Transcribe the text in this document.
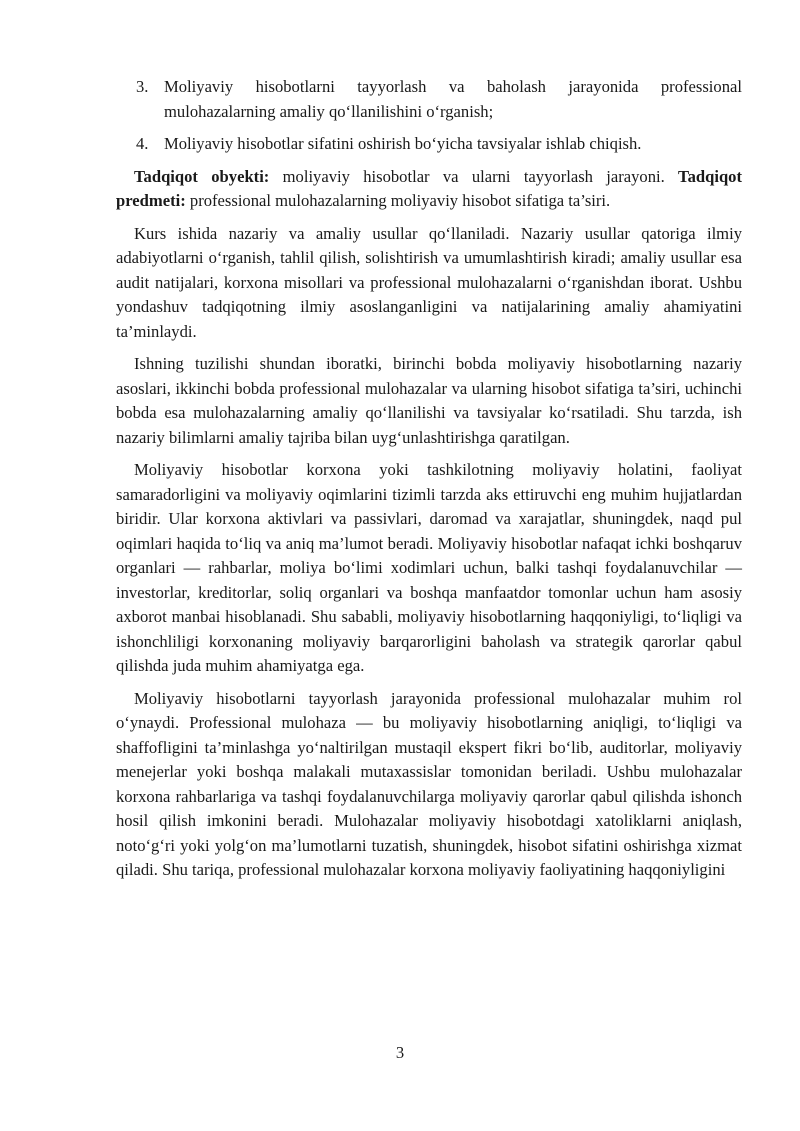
3. Moliyaviy hisobotlarni tayyorlash va baholash jarayonida professional mulohazalarning amaliy qo‘llanilishini o‘rganish;
4. Moliyaviy hisobotlar sifatini oshirish bo‘yicha tavsiyalar ishlab chiqish.

Tadqiqot obyekti: moliyaviy hisobotlar va ularni tayyorlash jarayoni. Tadqiqot predmeti: professional mulohazalarning moliyaviy hisobot sifatiga ta’siri.

Kurs ishida nazariy va amaliy usullar qo‘llaniladi. Nazariy usullar qatoriga ilmiy adabiyotlarni o‘rganish, tahlil qilish, solishtirish va umumlashtirish kiradi; amaliy usullar esa audit natijalari, korxona misollari va professional mulohazalarni o‘rganishdan iborat. Ushbu yondashuv tadqiqotning ilmiy asoslanganligini va natijalarining amaliy ahamiyatini ta’minlaydi.

Ishning tuzilishi shundan iboratki, birinchi bobda moliyaviy hisobotlarning nazariy asoslari, ikkinchi bobda professional mulohazalar va ularning hisobot sifatiga ta’siri, uchinchi bobda esa mulohazalarning amaliy qo‘llanilishi va tavsiyalar ko‘rsatiladi. Shu tarzda, ish nazariy bilimlarni amaliy tajriba bilan uyg‘unlashtirishga qaratilgan.

Moliyaviy hisobotlar korxona yoki tashkilotning moliyaviy holatini, faoliyat samaradorligini va moliyaviy oqimlarini tizimli tarzda aks ettiruvchi eng muhim hujjatlardan biridir. Ular korxona aktivlari va passivlari, daromad va xarajatlar, shuningdek, naqd pul oqimlari haqida to‘liq va aniq ma’lumot beradi. Moliyaviy hisobotlar nafaqat ichki boshqaruv organlari — rahbarlar, moliya bo‘limi xodimlari uchun, balki tashqi foydalanuvchilar — investorlar, kreditorlar, soliq organlari va boshqa manfaatdor tomonlar uchun ham asosiy axborot manbai hisoblanadi. Shu sababli, moliyaviy hisobotlarning haqqoniyligi, to‘liqligi va ishonchliligi korxonaning moliyaviy barqarorligini baholash va strategik qarorlar qabul qilishda juda muhim ahamiyatga ega.

Moliyaviy hisobotlarni tayyorlash jarayonida professional mulohazalar muhim rol o‘ynaydi. Professional mulohaza — bu moliyaviy hisobotlarning aniqligi, to‘liqligi va shaffofligini ta’minlashga yo‘naltirilgan mustaqil ekspert fikri bo‘lib, auditorlar, moliyaviy menejerlar yoki boshqa malakali mutaxassislar tomonidan beriladi. Ushbu mulohazalar korxona rahbarlariga va tashqi foydalanuvchilarga moliyaviy qarorlar qabul qilishda ishonch hosil qilish imkonini beradi. Mulohazalar moliyaviy hisobotdagi xatoliklarni aniqlash, noto‘g‘ri yoki yolg‘on ma’lumotlarni tuzatish, shuningdek, hisobot sifatini oshirishga xizmat qiladi. Shu tariqa, professional mulohazalar korxona moliyaviy faoliyatining haqqoniyligini

3
